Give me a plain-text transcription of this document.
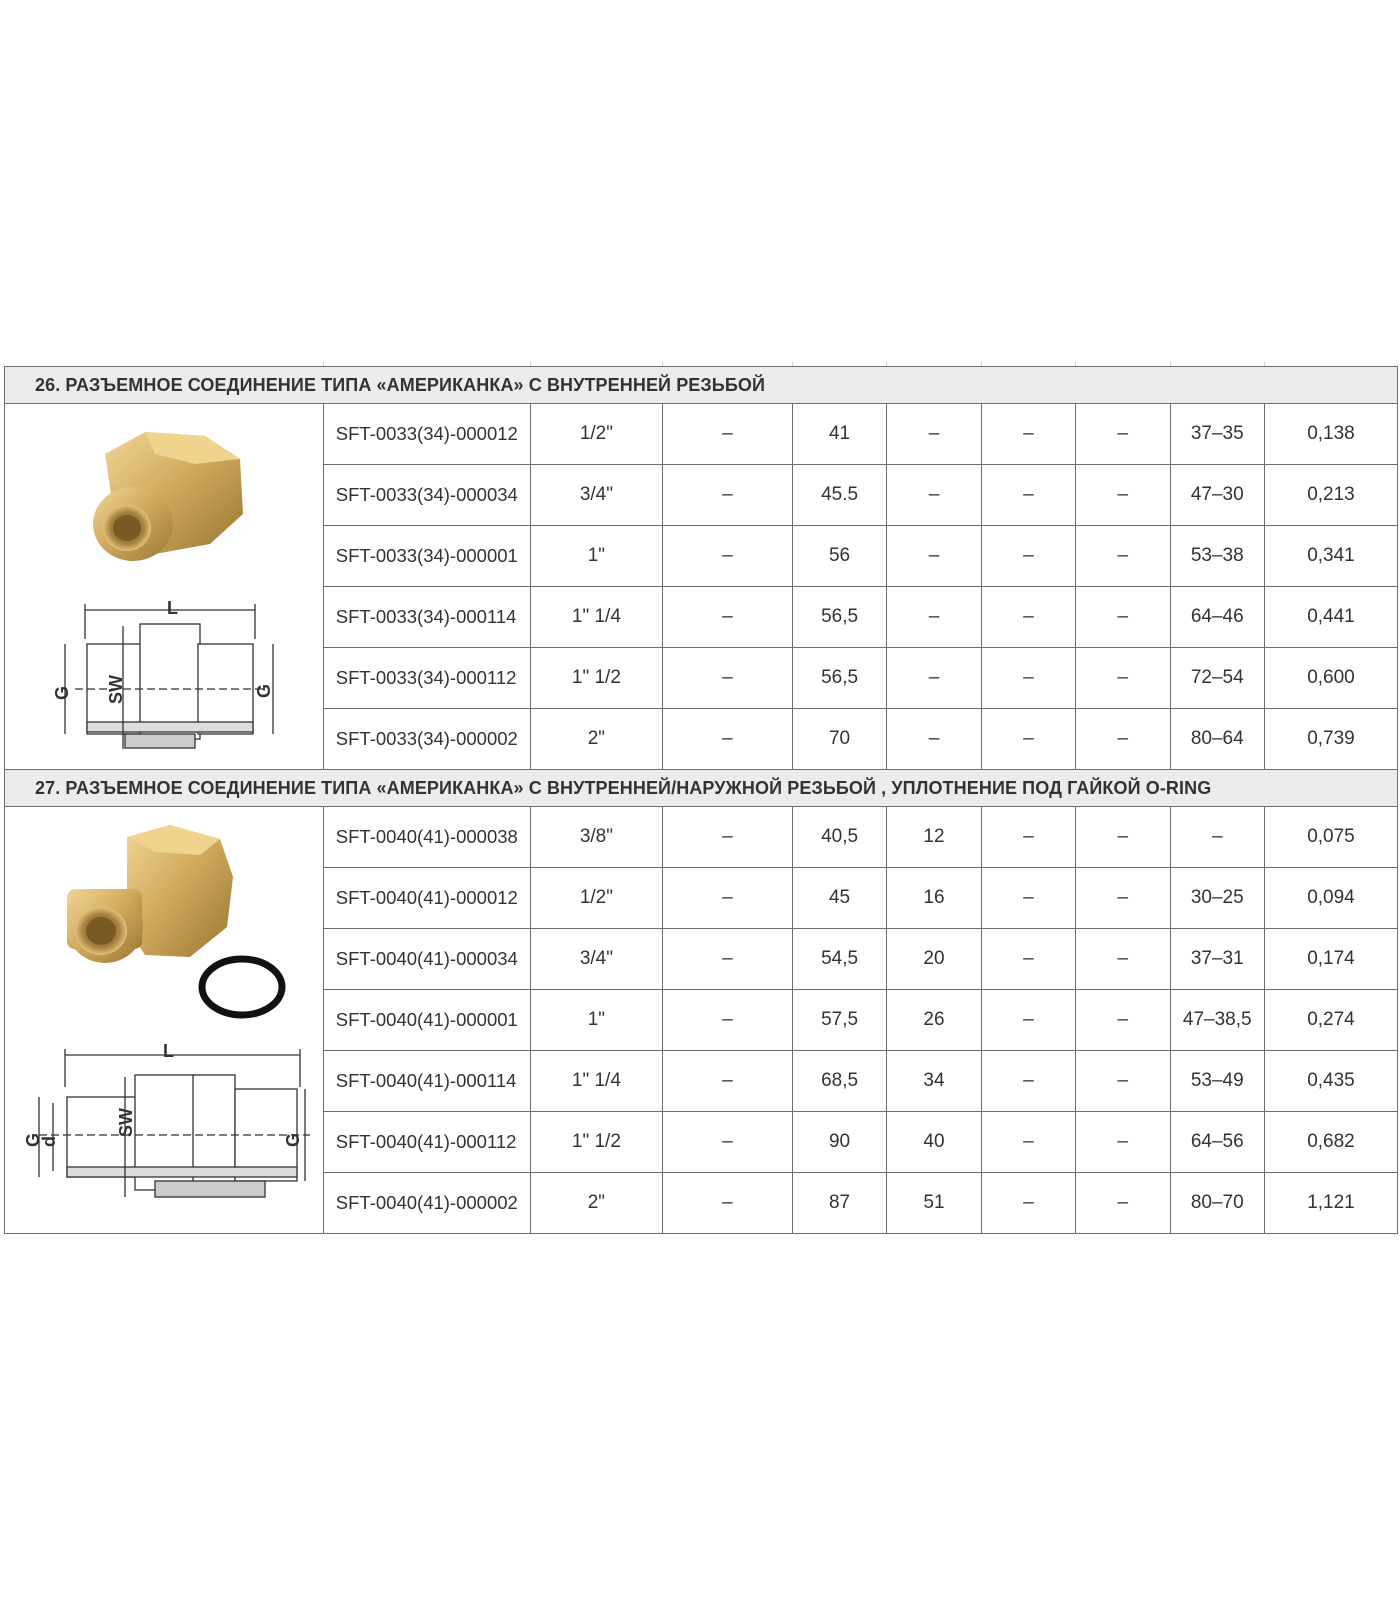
26. РАЗЪЕМНОЕ СОЕДИНЕНИЕ ТИПА «АМЕРИКАНКА» С ВНУТРЕННЕЙ РЕЗЬБОЙ									

L
G SW G	SFT-0033(34)-000012	1/2"	–	41	–	–	–	37–35	0,138
	SFT-0033(34)-000034	3/4"	–	45.5	–	–	–	47–30	0,213
	SFT-0033(34)-000001	1"	–	56	–	–	–	53–38	0,341
	SFT-0033(34)-000114	1" 1/4	–	56,5	–	–	–	64–46	0,441
	SFT-0033(34)-000112	1" 1/2	–	56,5	–	–	–	72–54	0,600
	SFT-0033(34)-000002	2"	–	70	–	–	–	80–64	0,739
27. РАЗЪЕМНОЕ СОЕДИНЕНИЕ ТИПА «АМЕРИКАНКА» С ВНУТРЕННЕЙ/НАРУЖНОЙ РЕЗЬБОЙ , УПЛОТНЕНИЕ ПОД ГАЙКОЙ O-RING									

L
G
d
SW
G	SFT-0040(41)-000038	3/8"	–	40,5	12	–	–	–	0,075
	SFT-0040(41)-000012	1/2"	–	45	16	–	–	30–25	0,094
	SFT-0040(41)-000034	3/4"	–	54,5	20	–	–	37–31	0,174
	SFT-0040(41)-000001	1"	–	57,5	26	–	–	47–38,5	0,274
	SFT-0040(41)-000114	1" 1/4	–	68,5	34	–	–	53–49	0,435
	SFT-0040(41)-000112	1" 1/2	–	90	40	–	–	64–56	0,682
	SFT-0040(41)-000002	2"	–	87	51	–	–	80–70	1,121
